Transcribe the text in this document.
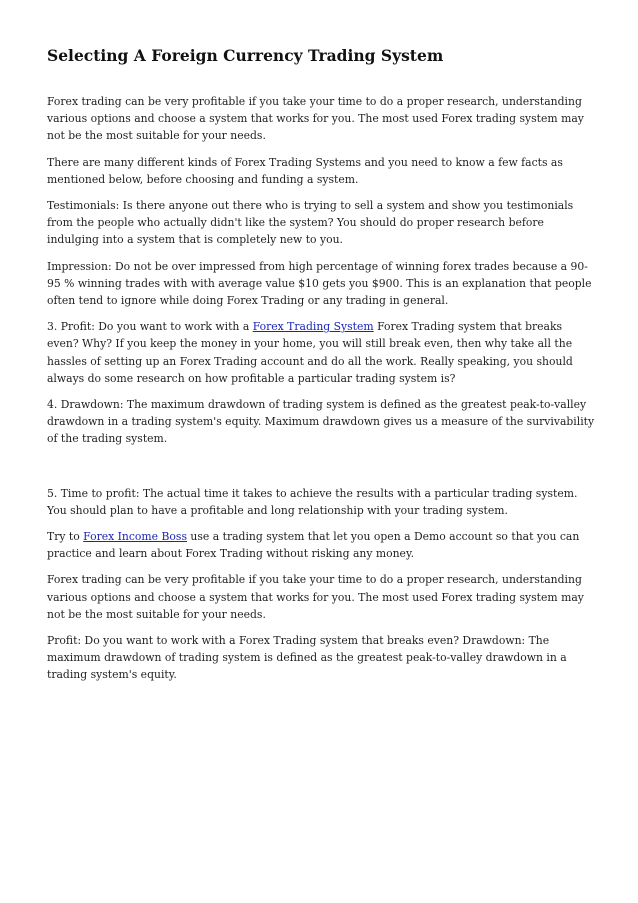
Selecting A Foreign Currency Trading System

Forex trading can be very profitable if you take your time to do a proper research, understanding various options and choose a system that works for you. The most used Forex trading system may not be the most suitable for your needs.

There are many different kinds of Forex Trading Systems and you need to know a few facts as mentioned below, before choosing and funding a system.

Testimonials: Is there anyone out there who is trying to sell a system and show you testimonials from the people who actually didn't like the system? You should do proper research before indulging into a system that is completely new to you.

Impression: Do not be over impressed from high percentage of winning forex trades because a 90-95 % winning trades with with average value $10 gets you $900. This is an explanation that people often tend to ignore while doing Forex Trading or any trading in general.

3. Profit: Do you want to work with a Forex Trading System Forex Trading system that breaks even? Why? If you keep the money in your home, you will still break even, then why take all the hassles of setting up an Forex Trading account and do all the work. Really speaking, you should always do some research on how profitable a particular trading system is?

4. Drawdown: The maximum drawdown of trading system is defined as the greatest peak-to-valley drawdown in a trading system's equity. Maximum drawdown gives us a measure of the survivability of the trading system.

5. Time to profit: The actual time it takes to achieve the results with a particular trading system. You should plan to have a profitable and long relationship with your trading system.

Try to Forex Income Boss use a trading system that let you open a Demo account so that you can practice and learn about Forex Trading without risking any money.

Forex trading can be very profitable if you take your time to do a proper research, understanding various options and choose a system that works for you. The most used Forex trading system may not be the most suitable for your needs.

Profit: Do you want to work with a Forex Trading system that breaks even? Drawdown: The maximum drawdown of trading system is defined as the greatest peak-to-valley drawdown in a trading system's equity.
